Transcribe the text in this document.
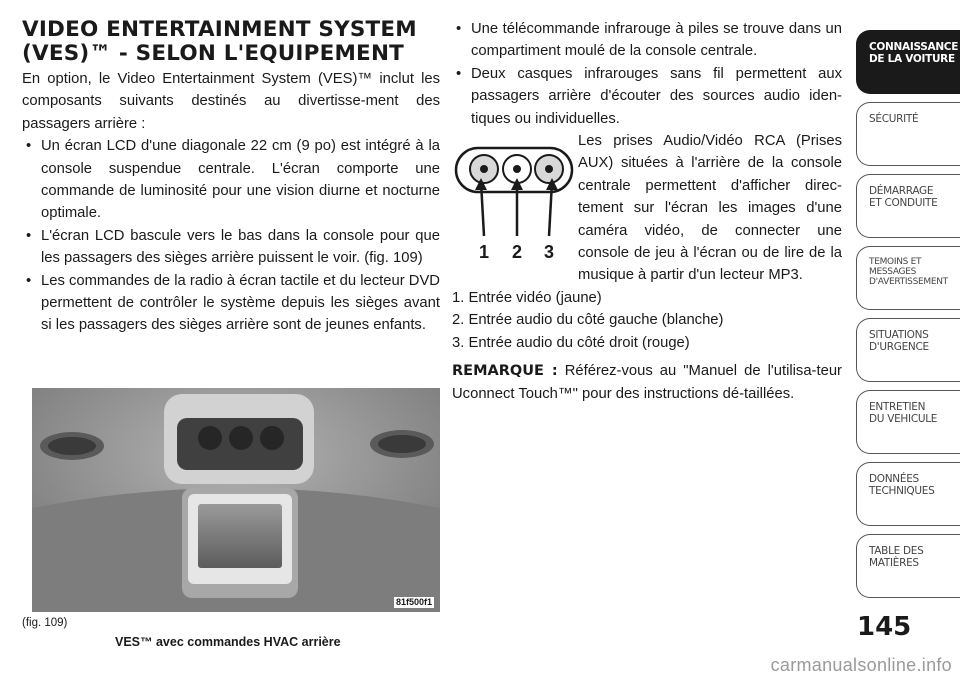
VIDEO ENTERTAINMENT SYSTEM
(VES)™ - SELON L'EQUIPEMENT

En option, le Video Entertainment System (VES)™ inclut les composants suivants destinés au divertisse-ment des passagers arrière :

• Un écran LCD d'une diagonale 22 cm (9 po) est intégré à la console suspendue centrale. L'écran comporte une commande de luminosité pour une vision diurne et nocturne optimale.
• L'écran LCD bascule vers le bas dans la console pour que les passagers des sièges arrière puissent le voir. (fig. 109)
• Les commandes de la radio à écran tactile et du lecteur DVD permettent de contrôler le système depuis les sièges avant si les passagers des sièges arrière sont de jeunes enfants.
81f500f1
(fig. 109)
VES™ avec commandes HVAC arrière
• Une télécommande infrarouge à piles se trouve dans un compartiment moulé de la console centrale.
• Deux casques infrarouges sans fil permettent aux passagers arrière d'écouter des sources audio iden-tiques ou individuelles.
1 2 3

Les prises Audio/Vidéo RCA (Prises AUX) situées à l'arrière de la console centrale permettent d'afficher direc-tement sur l'écran les images d'une caméra vidéo, de connecter une console de jeu à l'écran ou de lire de la musique à partir d'un lecteur MP3.

1. Entrée vidéo (jaune)
2. Entrée audio du côté gauche (blanche)
3. Entrée audio du côté droit (rouge)

REMARQUE : Référez-vous au "Manuel de l'utilisa-teur Uconnect Touch™" pour des instructions dé-taillées.

CONNAISSANCE
DE LA VOITURE
SÉCURITÉ
DÉMARRAGE
ET CONDUITE
TEMOINS ET
MESSAGES
D'AVERTISSEMENT
SITUATIONS
D'URGENCE
ENTRETIEN
DU VEHICULE
DONNÉES
TECHNIQUES
TABLE DES
MATIÈRES
145
carmanualsonline.info
